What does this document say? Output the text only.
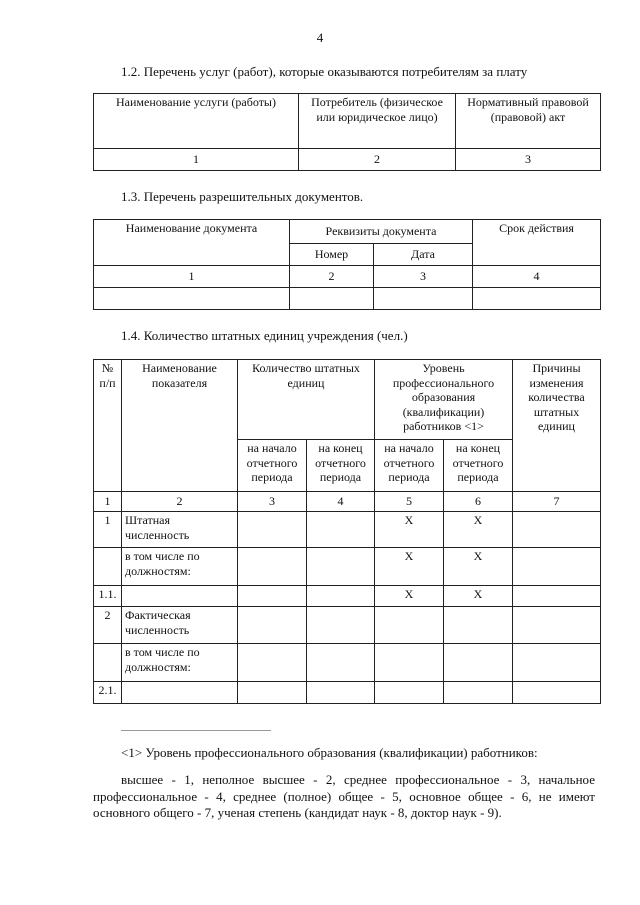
4
1.2. Перечень услуг (работ), которые оказываются потребителям за плату
Наименование услуги (работы)	Потребитель (физическое или юридическое лицо)	Нормативный правовой (правовой) акт
1	2	3
1.3. Перечень разрешительных документов.
Наименование документа	Реквизиты документа		Срок действия
	Номер	Дата	
1	2	3	4

1.4. Количество штатных единиц учреждения (чел.)
№ п/п	Наименование показателя	Количество штатных единиц		Уровень профессионального образования (квалификации) работников <1>		Причины изменения количества штатных единиц
		на начало отчетного периода	на конец отчетного периода	на начало отчетного периода	на конец отчетного периода	
1	2	3	4	5	6	7
1	Штатная численность			X	X	
	в том числе по должностям:			X	X	
1.1.				X	X	
2	Фактическая численность					
	в том числе по должностям:					
2.1.						
<1> Уровень профессионального образования (квалификации) работников:
высшее - 1, неполное высшее - 2, среднее профессиональное - 3, начальное профессиональное - 4, среднее (полное) общее - 5, основное общее - 6, не имеют основного общего - 7, ученая степень (кандидат наук - 8, доктор наук - 9).
